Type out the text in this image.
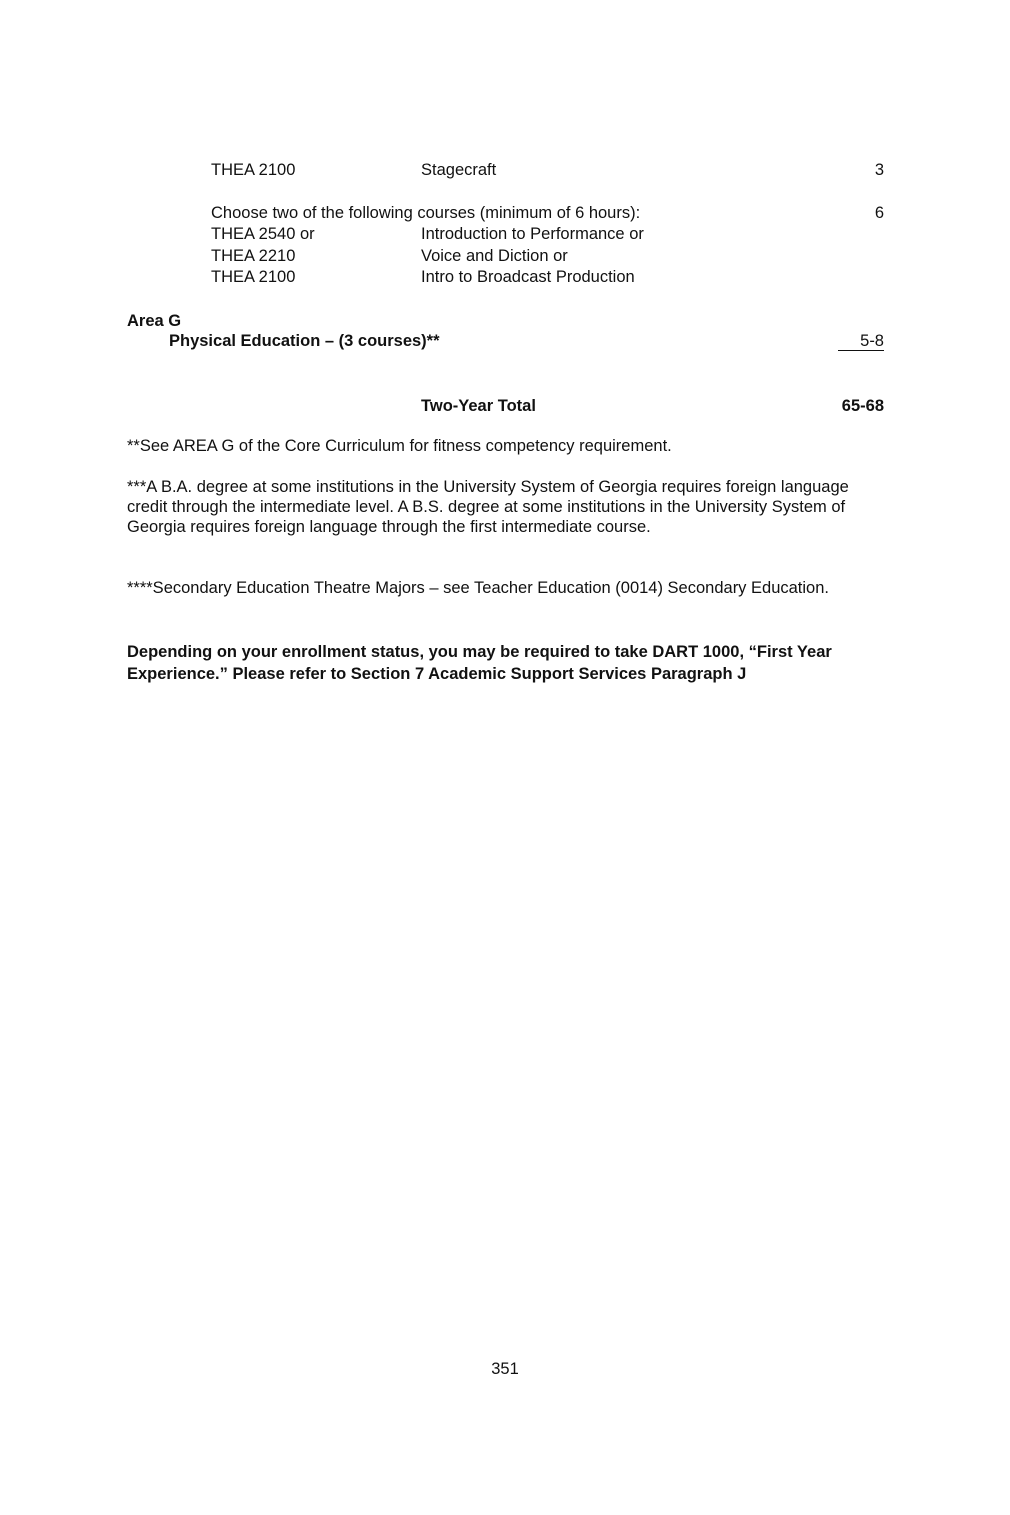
THEA 2100	Stagecraft	3
Choose two of the following courses (minimum of 6 hours):	6
THEA 2540 or	Introduction to Performance or
THEA 2210	Voice and Diction or
THEA 2100	Intro to Broadcast Production
Area G
Physical Education – (3 courses)**	5-8
Two-Year Total	65-68
**See AREA G of the Core Curriculum for fitness competency requirement.
***A B.A. degree at some institutions in the University System of Georgia requires foreign language credit through the intermediate level. A B.S. degree at some institutions in the University System of Georgia requires foreign language through the first intermediate course.
****Secondary Education Theatre Majors – see Teacher Education (0014) Secondary Education.
Depending on your enrollment status, you may be required to take DART 1000, “First Year Experience.” Please refer to Section 7 Academic Support Services Paragraph J
351
